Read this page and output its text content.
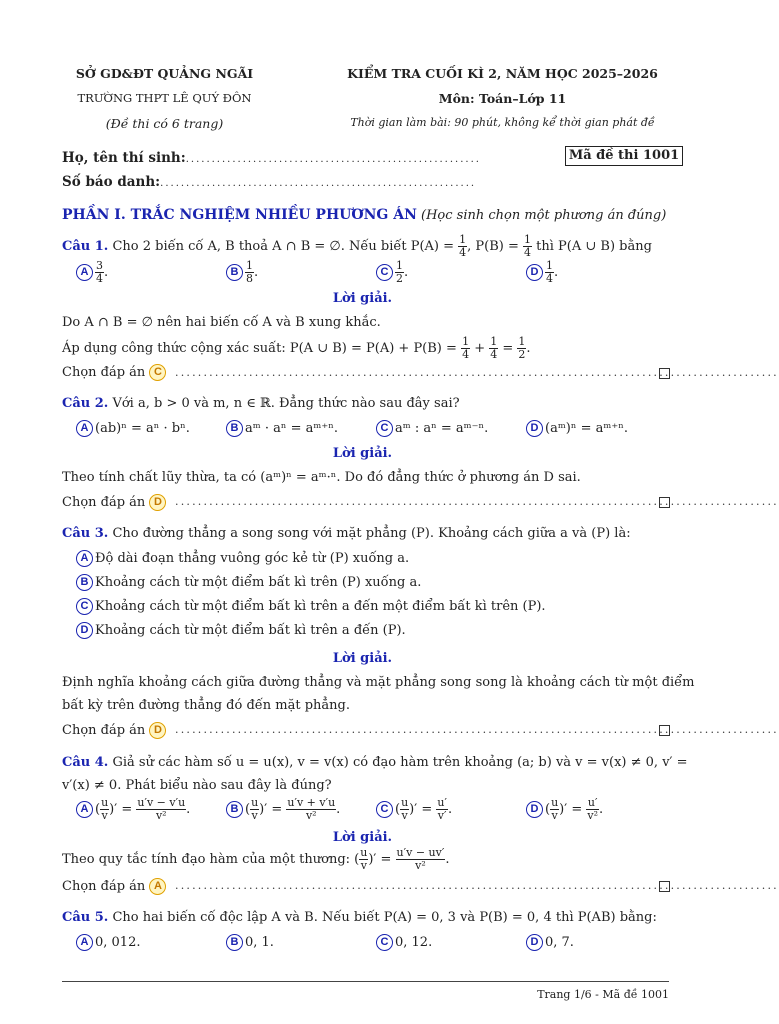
SỞ GD&ĐT QUẢNG NGÃI
TRƯỜNG THPT LÊ QUÝ ĐÔN
(Đề thi có 6 trang)
KIỂM TRA CUỐI KÌ 2, NĂM HỌC 2025–2026
Môn: Toán–Lớp 11
Thời gian làm bài: 90 phút, không kể thời gian phát đề
Họ, tên thí sinh:.........................................................	Mã đề thi 1001
Số báo danh:.............................................................
PHẦN I. TRẮC NGHIỆM NHIỀU PHƯƠNG ÁN (Học sinh chọn một phương án đúng)
Câu 1. Cho 2 biến cố A, B thoả A ∩ B = ∅. Nếu biết $P(A) = \frac{1}{4}$ , $P(B) = \frac{1}{4}$ thì P(A ∪ B) bằng
A $\frac{3}{4}$ .	B $\frac{1}{8}$ .	C $\frac{1}{2}$ .	D $\frac{1}{4}$ .
Lời giải.
Do A ∩ B = ∅ nên hai biến cố A và B xung khắc.
Áp dụng công thức cộng xác suất: P(A ∪ $B) = P(A) + P(B) = \frac{1}{4} + \frac{1}{4} = \frac{1}{2}$ .
Chọn đáp án C	..........................................................................................................
Câu 2. Với a, b > 0 và m, n ∈ ℝ. Đẳng thức nào sau đây sai?
A (ab)ⁿ = aⁿ · bⁿ.	B aᵐ · aⁿ = aᵐ⁺ⁿ.	C aᵐ : aⁿ = aᵐ⁻ⁿ.	D (aᵐ)ⁿ = aᵐ⁺ⁿ.
Lời giải.
Theo tính chất lũy thừa, ta có (aᵐ)ⁿ = aᵐ·ⁿ. Do đó đẳng thức ở phương án D sai.
Chọn đáp án D	..........................................................................................................
Câu 3. Cho đường thẳng a song song với mặt phẳng (P). Khoảng cách giữa a và (P) là:
A Độ dài đoạn thẳng vuông góc kẻ từ (P) xuống a.
B Khoảng cách từ một điểm bất kì trên (P) xuống a.
C Khoảng cách từ một điểm bất kì trên a đến một điểm bất kì trên (P).
D Khoảng cách từ một điểm bất kì trên a đến (P).
Lời giải.
Định nghĩa khoảng cách giữa đường thẳng và mặt phẳng song song là khoảng cách từ một điểm
bất kỳ trên đường thẳng đó đến mặt phẳng.
Chọn đáp án D	..........................................................................................................
Câu 4. Giả sử các hàm số u = u(x), v = v(x) có đạo hàm trên khoảng (a; b) và v = v(x) ≠ 0, v′ =
v′(x) ≠ 0. Phát biểu nào sau đây là đúng?
A ( $\frac{u}{v}$ )′ = $\frac{u'v - v'u}{\text{v²}}$ .	B ( $\frac{u}{v}$ )′ = $\frac{u'v + v'u}{\text{v²}}$ .	C ( $\frac{u}{v}$ )′ = $\frac{u'}{v'}$ .	D ( $\frac{u}{v}$ )′ = $\frac{u'}{\text{v²}}$ .
Lời giải.
Theo quy tắc tính đạo hàm của một thương: ( $\frac{u}{v}$ )′ = $\frac{u'v - uv'}{\text{v²}}$ .
Chọn đáp án A	..........................................................................................................
Câu 5. Cho hai biến cố độc lập A và B. Nếu biết P(A) = 0, 3 và P(B) = 0, 4 thì P(AB) bằng:
A 0, 012.	B 0, 1.	C 0, 12.	D 0, 7.
Trang 1/6 - Mã đề 1001
